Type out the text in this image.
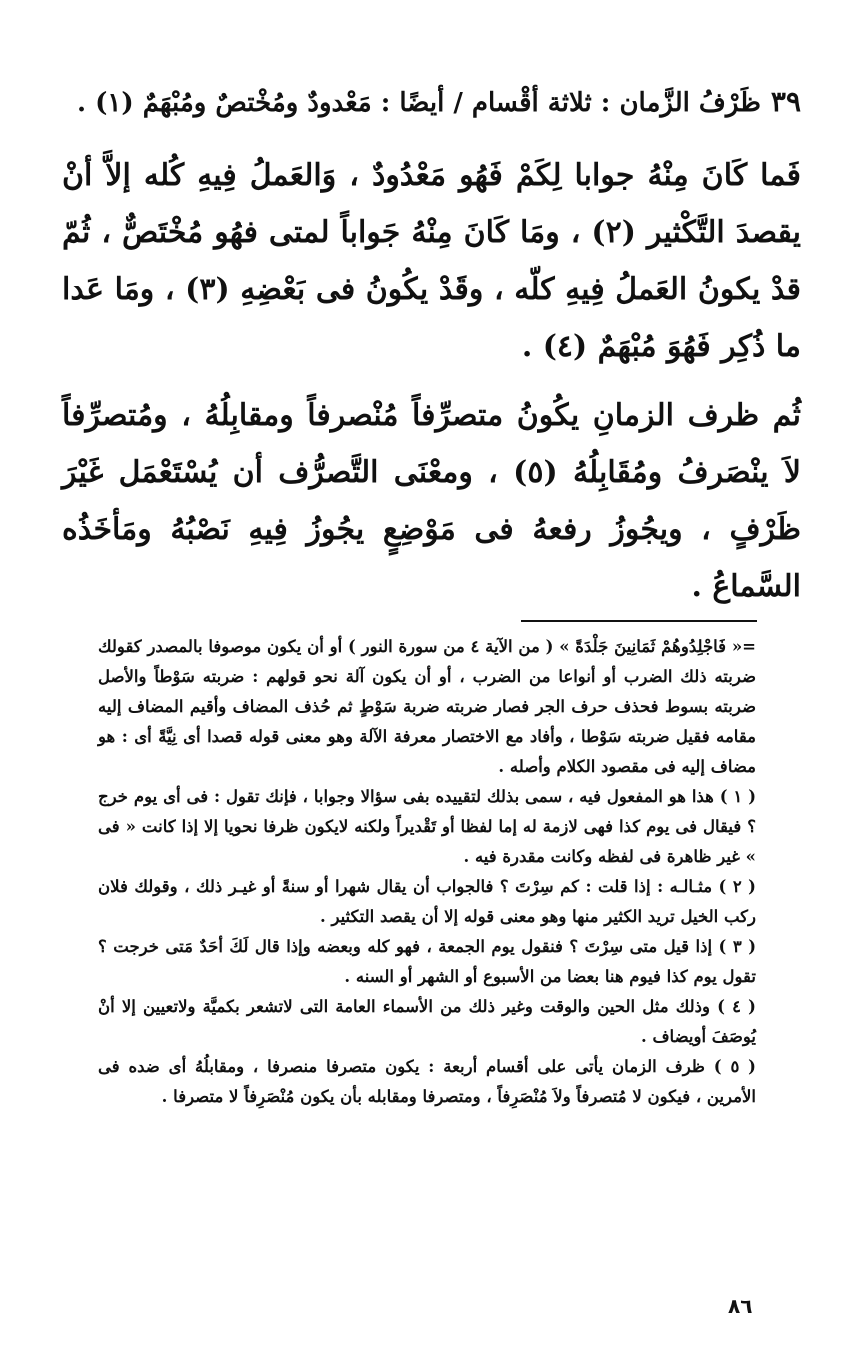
٣٩
ظَرْفُ الزَّمان : ثلاثة أقْسام / أيضًا : مَعْدودٌ ومُخْتصٌ ومُبْهَمٌ (١) .

فَما كَانَ مِنْهُ جوابا لِكَمْ فَهُو مَعْدُودٌ ، وَالعَملُ فِيهِ كُله إلاَّ أنْ يقصدَ التَّكْثير (٢) ، ومَا كَانَ مِنْهُ جَواباً لمتى فهُو مُخْتَصٌّ ، ثُمّ قدْ يكونُ العَملُ فِيهِ كلّه ، وقَدْ يكُونُ فى بَعْضِهِ (٣) ، ومَا عَدا ما ذُكِر فَهُوَ مُبْهَمٌ (٤) .

ثُم ظرف الزمانِ يكُونُ متصرِّفاً مُنْصرفاً ومقابِلُهُ ، ومُتصرِّفاً لاَ ينْصَرفُ ومُقَابِلُهُ (٥) ، ومعْنَى التَّصرُّف أن يُسْتَعْمَل غَيْرَ ظَرْفٍ ، ويجُوزُ رفعهُ فى مَوْضِعٍ يجُوزُ فِيهِ نَصْبُهُ ومَأخَذُه السَّماعُ .

=« فَاجْلِدُوهُمْ ثَمَانِينَ جَلْدَةً » ( من الآية ٤ من سورة النور ) أو أن يكون موصوفا بالمصدر كقولك ضربته ذلك الضرب أو أنواعا من الضرب ، أو أن يكون آلة نحو قولهم : ضربته سَوْطاً والأصل ضربته بسوط فحذف حرف الجر فصار ضربته ضربة سَوْطٍ ثم حُذف المضاف وأقيم المضاف إليه مقامه فقيل ضربته سَوْطا ، وأفاد مع الاختصار معرفة الآلة وهو معنى قوله قصدا أى نِيَّةً أى : هو مضاف إليه فى مقصود الكلام وأصله .

( ١ ) هذا هو المفعول فيه ، سمى بذلك لتقييده بفى سؤالا وجوابا ، فإنك تقول : فى أى يوم خرج ؟ فيقال فى يوم كذا فهى لازمة له إما لفظا أو تَقْديراً ولكنه لايكون ظرفا نحويا إلا إذا كانت « فى » غير ظاهرة فى لفظه وكانت مقدرة فيه .

( ٢ ) مثـالـه : إذا قلت : كم سِرْتَ ؟ فالجواب أن يقال شهرا أو سنةً أو غيـر ذلك ، وقولك فلان ركب الخيل تريد الكثير منها وهو معنى قوله إلا أن يقصد التكثير .

( ٣ ) إذا قيل متى سِرْتَ ؟ فنقول يوم الجمعة ، فهو كله وبعضه وإذا قال لَكَ أحَدٌ مَتى خرجت ؟ تقول يوم كذا فيوم هنا بعضا من الأسبوع أو الشهر أو السنه .

( ٤ ) وذلك مثل الحين والوقت وغير ذلك من الأسماء العامة التى لاتشعر بكميَّة ولاتعيين إلا أنْ يُوصَفَ أويضاف .

( ٥ ) ظرف الزمان يأتى على أقسام أربعة : يكون متصرفا منصرفا ، ومقابلُهُ أى ضده فى الأمرين ، فيكون لا مُتصرفاً ولاَ مُنْصَرِفاً ، ومتصرفا ومقابله بأن يكون مُنْصَرِفاً لا متصرفا .

٨٦
